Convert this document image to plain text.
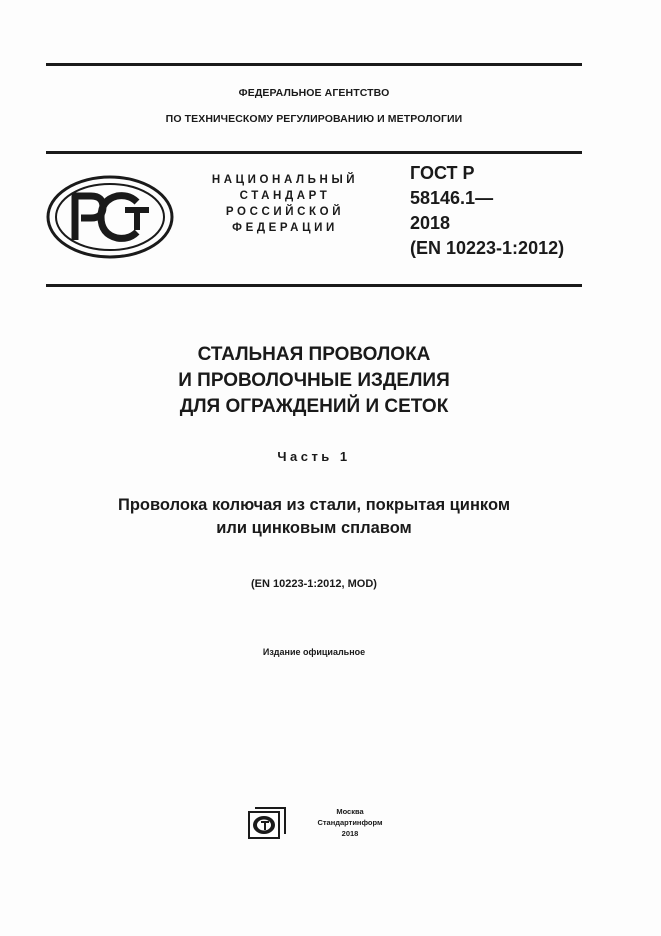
ФЕДЕРАЛЬНОЕ АГЕНТСТВО
ПО ТЕХНИЧЕСКОМУ РЕГУЛИРОВАНИЮ И МЕТРОЛОГИИ
НАЦИОНАЛЬНЫЙ
СТАНДАРТ
РОССИЙСКОЙ
ФЕДЕРАЦИИ
ГОСТ Р
58146.1—
2018
(EN 10223-1:2012)
СТАЛЬНАЯ ПРОВОЛОКА
И ПРОВОЛОЧНЫЕ ИЗДЕЛИЯ
ДЛЯ ОГРАЖДЕНИЙ И СЕТОК
Часть 1
Проволока колючая из стали, покрытая цинком
или цинковым сплавом
(EN 10223-1:2012, MOD)
Издание официальное
Москва
Стандартинформ
2018
